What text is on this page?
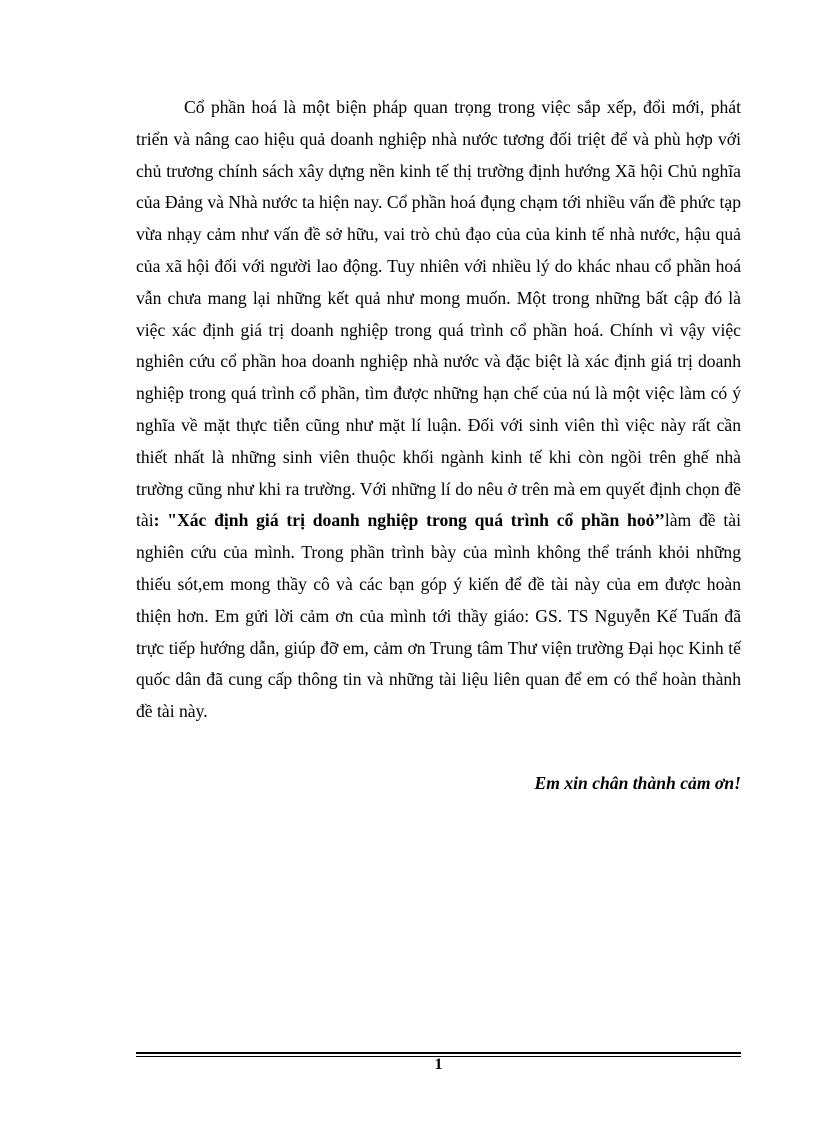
Cổ phần hoá là một biện pháp quan trọng trong việc sắp xếp, đổi mới, phát triển và nâng cao hiệu quả doanh nghiệp nhà nước tương đối triệt để và phù hợp với chủ trương chính sách xây dựng nền kinh tế thị trường định hướng Xã hội Chủ nghĩa của Đảng và Nhà nước ta hiện nay. Cổ phần hoá đụng chạm tới nhiều vấn đề phức tạp vừa nhạy cảm như vấn đề sở hữu, vai trò chủ đạo của của kinh tế nhà nước, hậu quả của xã hội đối với người lao động. Tuy nhiên với nhiều lý do khác nhau cổ phần hoá vẫn chưa mang lại những kết quả như mong muốn. Một trong những bất cập đó là việc xác định giá trị doanh nghiệp trong quá trình cổ phần hoá. Chính vì vậy việc nghiên cứu cổ phần hoa doanh nghiệp nhà nước và đặc biệt là xác định giá trị doanh nghiệp trong quá trình cổ phần, tìm được những hạn chế của nú là một việc làm có ý nghĩa về mặt thực tiễn cũng như mặt lí luận. Đối với sinh viên thì việc này rất cần thiết nhất là những sinh viên thuộc khối ngành kinh tế khi còn ngồi trên ghế nhà trường cũng như khi ra trường. Với những lí do nêu ở trên mà em quyết định chọn đề tài: "Xác định giá trị doanh nghiệp trong quá trình cổ phần hoỏ’’làm đề tài nghiên cứu của mình. Trong phần trình bày của mình không thể tránh khỏi những thiếu sót,em mong thầy cô và các bạn góp ý kiến để đề tài này của em được hoàn thiện hơn. Em gửi lời cảm ơn của mình tới thầy giáo: GS. TS Nguyễn Kế Tuấn đã trực tiếp hướng dẫn, giúp đỡ em, cảm ơn Trung tâm Thư viện trường Đại học Kinh tế quốc dân đã cung cấp thông tin và những tài liệu liên quan để em có thể hoàn thành đề tài này.

Em xin chân thành cảm ơn!

1
